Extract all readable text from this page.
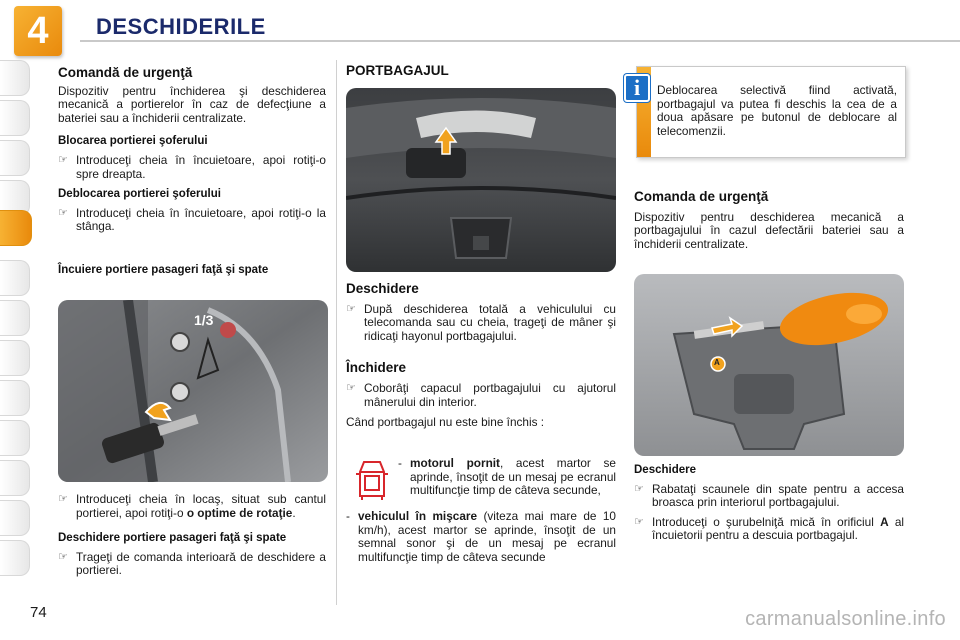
4	DESCHIDERILE
Comandă de urgenţă
Dispozitiv pentru închiderea şi deschiderea mecanică a portierelor în caz de defecţiune a bateriei sau a închiderii centralizate.
Blocarea portierei şoferului
☞ Introduceţi cheia în încuietoare, apoi rotiţi-o spre dreapta.
Deblocarea portierei şoferului
☞ Introduceţi cheia în încuietoare, apoi rotiţi-o la stânga.
Încuiere portiere pasageri faţă şi spate
1/3
☞ Introduceţi cheia în locaş, situat sub cantul portierei, apoi rotiţi-o o optime de rotaţie.
Deschidere portiere pasageri faţă şi spate
☞ Trageţi de comanda interioară de deschidere a portierei.
PORTBAGAJUL
Deschidere
☞ După deschiderea totală a vehiculului cu telecomanda sau cu cheia, trageţi de mâner şi ridicaţi hayonul portbagajului.
Închidere
☞ Coborâţi capacul portbagajului cu ajutorul mânerului din interior.
Când portbagajul nu este bine închis :
- motorul pornit, acest martor se aprinde, însoţit de un mesaj pe ecranul multifuncţie timp de câteva secunde,
- vehiculul în mişcare (viteza mai mare de 10 km/h), acest martor se aprinde, însoţit de un semnal sonor şi de un mesaj pe ecranul multifuncţie timp de câteva secunde
i	Deblocarea selectivă fiind activată, portbagajul va putea fi deschis la cea de a doua apăsare pe butonul de deblocare al telecomenzii.
Comanda de urgenţă
Dispozitiv pentru deschiderea mecanică a portbagajului în cazul defectării bateriei sau a închiderii centralizate.
A
Deschidere
☞ Rabataţi scaunele din spate pentru a accesa broasca prin interiorul portbagajului.
☞ Introduceţi o şurubelniţă mică în orificiul A al încuietorii pentru a descuia portbagajul.
74	carmanualsonline.info
